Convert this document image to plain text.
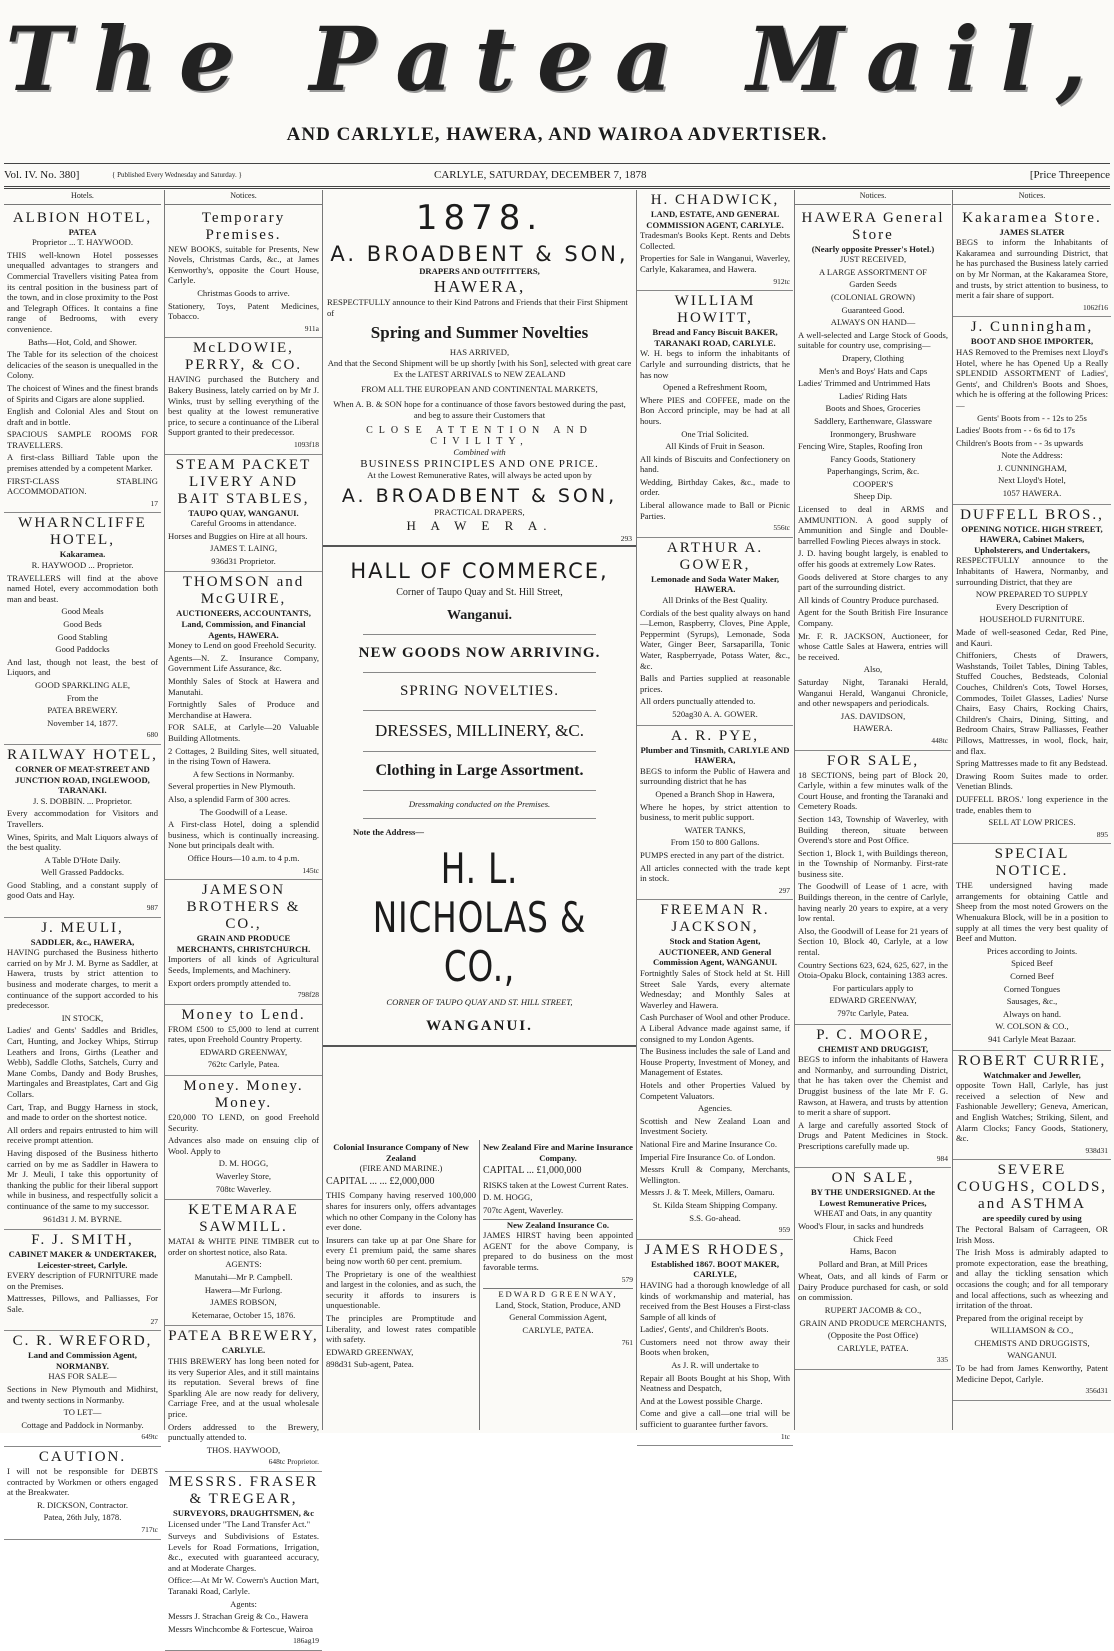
The Patea Mail,
AND CARLYLE, HAWERA, AND WAIROA ADVERTISER.
Vol. IV. No. 380]	{ Published Every Wednesday and Saturday. }	CARLYLE, SATURDAY, DECEMBER 7, 1878	[Price Threepence
Hotels.
ALBION HOTEL,
PATEA

Proprietor ... T. HAYWOOD.

THIS well-known Hotel possesses unequalled advantages to strangers and Commercial Travellers visiting Patea from its central position in the business part of the town, and in close proximity to the Post and Telegraph Offices. It contains a fine range of Bedrooms, with every convenience.

Baths—Hot, Cold, and Shower.

The Table for its selection of the choicest delicacies of the season is unequalled in the Colony.

The choicest of Wines and the finest brands of Spirits and Cigars are alone supplied.

English and Colonial Ales and Stout on draft and in bottle.

SPACIOUS SAMPLE ROOMS FOR TRAVELLERS.

A first-class Billiard Table upon the premises attended by a competent Marker.

FIRST-CLASS STABLING ACCOMMODATION.

17
WHARNCLIFFE HOTEL,
Kakaramea.

R. HAYWOOD ... Proprietor.

TRAVELLERS will find at the above named Hotel, every accommodation both man and beast.

Good Meals

Good Beds

Good Stabling

Good Paddocks

And last, though not least, the best of Liquors, and

GOOD SPARKLING ALE,

From the

PATEA BREWERY.

November 14, 1877.

680
RAILWAY HOTEL,
CORNER OF MEAT-STREET AND JUNCTION ROAD, INGLEWOOD, TARANAKI.

J. S. DOBBIN. ... Proprietor.

Every accommodation for Visitors and Travellers.

Wines, Spirits, and Malt Liquors always of the best quality.

A Table D'Hote Daily.

Well Grassed Paddocks.

Good Stabling, and a constant supply of good Oats and Hay.

987
J. MEULI,
SADDLER, &c., HAWERA,

HAVING purchased the Business hitherto carried on by Mr J. M. Byrne as Saddler, at Hawera, trusts by strict attention to business and moderate charges, to merit a continuance of the support accorded to his predecessor.

IN STOCK,

Ladies' and Gents' Saddles and Bridles, Cart, Hunting, and Jockey Whips, Stirrup Leathers and Irons, Girths (Leather and Webb), Saddle Cloths, Satchels, Curry and Mane Combs, Dandy and Body Brushes, Martingales and Breastplates, Cart and Gig Collars.

Cart, Trap, and Buggy Harness in stock, and made to order on the shortest notice.

All orders and repairs entrusted to him will receive prompt attention.

Having disposed of the Business hitherto carried on by me as Saddler in Hawera to Mr J. Meuli, I take this opportunity of thanking the public for their liberal support while in business, and respectfully solicit a continuance of the same to my successor.

961d31 J. M. BYRNE.

F. J. SMITH,
CABINET MAKER & UNDERTAKER, Leicester-street, Carlyle.

EVERY description of FURNITURE made on the Premises.

Mattresses, Pillows, and Palliasses, For Sale.

27
C. R. WREFORD,
Land and Commission Agent, NORMANBY.

HAS FOR SALE—

Sections in New Plymouth and Midhirst, and twenty sections in Normanby.

TO LET—

Cottage and Paddock in Normanby.

649tc
CAUTION.

I will not be responsible for DEBTS contracted by Workmen or others engaged at the Breakwater.

R. DICKSON, Contractor.

Patea, 26th July, 1878.

717tc
Notices.
Temporary Premises.

NEW BOOKS, suitable for Presents, New Novels, Christmas Cards, &c., at James Kenworthy's, opposite the Court House, Carlyle.

Christmas Goods to arrive.

Stationery, Toys, Patent Medicines, Tobacco.

911a
McLDOWIE, PERRY, & CO.

HAVING purchased the Butchery and Bakery Business, lately carried on by Mr J. Winks, trust by selling everything of the best quality at the lowest remunerative price, to secure a continuance of the Liberal Support granted to their predecessor.

1093f18
STEAM PACKET LIVERY AND BAIT STABLES,
TAUPO QUAY, WANGANUI.

Careful Grooms in attendance.

Horses and Buggies on Hire at all hours.

JAMES T. LAING,

936d31 Proprietor.

THOMSON and McGUIRE,
AUCTIONEERS, ACCOUNTANTS, Land, Commission, and Financial Agents, HAWERA.

Money to Lend on good Freehold Security.

Agents—N. Z. Insurance Company, Government Life Assurance, &c.

Monthly Sales of Stock at Hawera and Manutahi.

Fortnightly Sales of Produce and Merchandise at Hawera.

FOR SALE, at Carlyle—20 Valuable Building Allotments.

2 Cottages, 2 Building Sites, well situated, in the rising Town of Hawera.

A few Sections in Normanby.

Several properties in New Plymouth.

Also, a splendid Farm of 300 acres.

The Goodwill of a Lease.

A First-class Hotel, doing a splendid business, which is continually increasing. None but principals dealt with.

Office Hours—10 a.m. to 4 p.m.

145tc
JAMESON BROTHERS & CO.,
GRAIN AND PRODUCE MERCHANTS, CHRISTCHURCH.

Importers of all kinds of Agricultural Seeds, Implements, and Machinery.

Export orders promptly attended to.

798f28
Money to Lend.

FROM £500 to £5,000 to lend at current rates, upon Freehold Country Property.

EDWARD GREENWAY,

762tc Carlyle, Patea.

Money. Money. Money.

£20,000 TO LEND, on good Freehold Security.

Advances also made on ensuing clip of Wool. Apply to

D. M. HOGG,

Waverley Store,

708tc Waverley.

KETEMARAE SAWMILL.

MATAI & WHITE PINE TIMBER cut to order on shortest notice, also Rata.

AGENTS:

Manutahi—Mr P. Campbell.

Hawera—Mr Furlong.

JAMES ROBSON,

Ketemarae, October 15, 1876.

PATEA BREWERY,
CARLYLE.

THIS BREWERY has long been noted for its very Superior Ales, and it still maintains its reputation. Several brews of fine Sparkling Ale are now ready for delivery, Carriage Free, and at the usual wholesale price.

Orders addressed to the Brewery, punctually attended to.

THOS. HAYWOOD,

648tc Proprietor.
MESSRS. FRASER & TREGEAR,
SURVEYORS, DRAUGHTSMEN, &c

Licensed under "The Land Transfer Act."

Surveys and Subdivisions of Estates. Levels for Road Formations, Irrigation, &c., executed with guaranteed accuracy, and at Moderate Charges.

Office:—At Mr W. Cowern's Auction Mart, Taranaki Road, Carlyle.

Agents:

Messrs J. Strachan Greig & Co., Hawera

Messrs Winchcombe & Fortescue, Wairoa

186ag19
1878.
A. BROADBENT & SON,
DRAPERS AND OUTFITTERS,
HAWERA,
RESPECTFULLY announce to their Kind Patrons and Friends that their First Shipment of
Spring and Summer Novelties
HAS ARRIVED,
And that the Second Shipment will be up shortly [with his Son], selected with great care Ex the LATEST ARRIVALS to NEW ZEALAND
FROM ALL THE EUROPEAN AND CONTINENTAL MARKETS,
When A. B. & SON hope for a continuance of those favors bestowed during the past, and beg to assure their Customers that
CLOSE ATTENTION AND CIVILITY,
Combined with
BUSINESS PRINCIPLES AND ONE PRICE.
At the Lowest Remunerative Rates, will always be acted upon by
A. BROADBENT & SON,
PRACTICAL DRAPERS,
H A W E R A.
293
HALL OF COMMERCE,
Corner of Taupo Quay and St. Hill Street,
Wanganui.
NEW GOODS NOW ARRIVING.
SPRING NOVELTIES.
DRESSES, MILLINERY, &C.
Clothing in Large Assortment.
Dressmaking conducted on the Premises.
Note the Address—
H. L. NICHOLAS & CO.,
CORNER OF TAUPO QUAY AND ST. HILL STREET,
WANGANUI.
Colonial Insurance Company of New Zealand
(FIRE AND MARINE.)
CAPITAL ... ... £2,000,000

THIS Company having reserved 100,000 shares for insurers only, offers advantages which no other Company in the Colony has ever done.

Insurers can take up at par One Share for every £1 premium paid, the same shares being now worth 60 per cent. premium.

The Proprietary is one of the wealthiest and largest in the colonies, and as such, the security it affords to insurers is unquestionable.

The principles are Promptitude and Liberality, and lowest rates compatible with safety.

EDWARD GREENWAY,

898d31 Sub-agent, Patea.

New Zealand Fire and Marine Insurance Company.
CAPITAL ... £1,000,000

RISKS taken at the Lowest Current Rates.

D. M. HOGG,

707tc Agent, Waverley.

New Zealand Insurance Co.

JAMES HIRST having been appointed AGENT for the above Company, is prepared to do business on the most favorable terms.

579
EDWARD GREENWAY,

Land, Stock, Station, Produce, AND

General Commission Agent,

CARLYLE, PATEA.

761
H. CHADWICK,
LAND, ESTATE, AND GENERAL COMMISSION AGENT, CARLYLE.

Tradesman's Books Kept. Rents and Debts Collected.

Properties for Sale in Wanganui, Waverley, Carlyle, Kakaramea, and Hawera.

912tc
WILLIAM HOWITT,
Bread and Fancy Biscuit BAKER, TARANAKI ROAD, CARLYLE.

W. H. begs to inform the inhabitants of Carlyle and surrounding districts, that he has now

Opened a Refreshment Room,

Where PIES and COFFEE, made on the Bon Accord principle, may be had at all hours.

One Trial Solicited.

All Kinds of Fruit in Season.

All kinds of Biscuits and Confectionery on hand.

Wedding, Birthday Cakes, &c., made to order.

Liberal allowance made to Ball or Picnic Parties.

556tc
ARTHUR A. GOWER,
Lemonade and Soda Water Maker, HAWERA.

All Drinks of the Best Quality.

Cordials of the best quality always on hand—Lemon, Raspberry, Cloves, Pine Apple, Peppermint (Syrups), Lemonade, Soda Water, Ginger Beer, Sarsaparilla, Tonic Water, Raspberryade, Potass Water, &c., &c.

Balls and Parties supplied at reasonable prices.

All orders punctually attended to.

520ag30 A. A. GOWER.

A. R. PYE,
Plumber and Tinsmith, CARLYLE AND HAWERA,

BEGS to inform the Public of Hawera and surrounding district that he has

Opened a Branch Shop in Hawera,

Where he hopes, by strict attention to business, to merit public support.

WATER TANKS,

From 150 to 800 Gallons.

PUMPS erected in any part of the district.

All articles connected with the trade kept in stock.

297
FREEMAN R. JACKSON,
Stock and Station Agent, AUCTIONEER, AND General Commission Agent, WANGANUI.

Fortnightly Sales of Stock held at St. Hill Street Sale Yards, every alternate Wednesday; and Monthly Sales at Waverley and Hawera.

Cash Purchaser of Wool and other Produce. A Liberal Advance made against same, if consigned to my London Agents.

The Business includes the sale of Land and House Property, Investment of Money, and Management of Estates.

Hotels and other Properties Valued by Competent Valuators.

Agencies.

Scottish and New Zealand Loan and Investment Society.

National Fire and Marine Insurance Co.

Imperial Fire Insurance Co. of London.

Messrs Krull & Company, Merchants, Wellington.

Messrs J. & T. Meek, Millers, Oamaru.

St. Kilda Steam Shipping Company.

S.S. Go-ahead.

959
JAMES RHODES,
Established 1867. BOOT MAKER, CARLYLE,

HAVING had a thorough knowledge of all kinds of workmanship and material, has received from the Best Houses a First-class Sample of all kinds of

Ladies', Gents', and Children's Boots.

Customers need not throw away their Boots when broken,

As J. R. will undertake to

Repair all Boots Bought at his Shop, With Neatness and Despatch,

And at the Lowest possible Charge.

Come and give a call—one trial will be sufficient to guarantee further favors.

1tc
Notices.
HAWERA General Store
(Nearly opposite Presser's Hotel.)

JUST RECEIVED,

A LARGE ASSORTMENT OF

Garden Seeds

(COLONIAL GROWN)

Guaranteed Good.

ALWAYS ON HAND—

A well-selected and Large Stock of Goods, suitable for country use, comprising—

Drapery, Clothing

Men's and Boys' Hats and Caps

Ladies' Trimmed and Untrimmed Hats

Ladies' Riding Hats

Boots and Shoes, Groceries

Saddlery, Earthenware, Glassware

Ironmongery, Brushware

Fencing Wire, Staples, Roofing Iron

Fancy Goods, Stationery

Paperhangings, Scrim, &c.

COOPER'S

Sheep Dip.

Licensed to deal in ARMS and AMMUNITION. A good supply of Ammunition and Single and Double-barrelled Fowling Pieces always in stock.

J. D. having bought largely, is enabled to offer his goods at extremely Low Rates.

Goods delivered at Store charges to any part of the surrounding district.

All kinds of Country Produce purchased.

Agent for the South British Fire Insurance Company.

Mr. F. R. JACKSON, Auctioneer, for whose Cattle Sales at Hawera, entries will be received.

Also,

Saturday Night, Taranaki Herald, Wanganui Herald, Wanganui Chronicle, and other newspapers and periodicals.

JAS. DAVIDSON,

HAWERA.

448tc
FOR SALE,

18 SECTIONS, being part of Block 20, Carlyle, within a few minutes walk of the Court House, and fronting the Taranaki and Cemetery Roads.

Section 143, Township of Waverley, with Building thereon, situate between Overend's store and Post Office.

Section 1, Block 1, with Buildings thereon, in the Township of Normanby. First-rate business site.

The Goodwill of Lease of 1 acre, with Buildings thereon, in the centre of Carlyle, having nearly 20 years to expire, at a very low rental.

Also, the Goodwill of Lease for 21 years of Section 10, Block 40, Carlyle, at a low rental.

Country Sections 623, 624, 625, 627, in the Otoia-Opaku Block, containing 1383 acres.

For particulars apply to

EDWARD GREENWAY,

797tc Carlyle, Patea.

P. C. MOORE,
CHEMIST AND DRUGGIST,

BEGS to inform the inhabitants of Hawera and Normanby, and surrounding District, that he has taken over the Chemist and Druggist business of the late Mr F. G. Rawson, at Hawera, and trusts by attention to merit a share of support.

A large and carefully assorted Stock of Drugs and Patent Medicines in Stock. Prescriptions carefully made up.

984
ON SALE,
BY THE UNDERSIGNED. At the Lowest Remunerative Prices,

WHEAT and Oats, in any quantity

Wood's Flour, in sacks and hundreds

Chick Feed

Hams, Bacon

Pollard and Bran, at Mill Prices

Wheat, Oats, and all kinds of Farm or Dairy Produce purchased for cash, or sold on commission.

RUPERT JACOMB & CO.,

GRAIN AND PRODUCE MERCHANTS,

(Opposite the Post Office)

CARLYLE, PATEA.

335
Notices.
Kakaramea Store.
JAMES SLATER

BEGS to inform the Inhabitants of Kakaramea and surrounding District, that he has purchased the Business lately carried on by Mr Norman, at the Kakaramea Store, and trusts, by strict attention to business, to merit a fair share of support.

1062f16
J. Cunningham,
BOOT AND SHOE IMPORTER,

HAS Removed to the Premises next Lloyd's Hotel, where he has Opened Up a Really SPLENDID ASSORTMENT of Ladies', Gents', and Children's Boots and Shoes, which he is offering at the following Prices:—

Gents' Boots from - - 12s to 25s

Ladies' Boots from - - 6s 6d to 17s

Children's Boots from - - 3s upwards

Note the Address:

J. CUNNINGHAM,

Next Lloyd's Hotel,

1057 HAWERA.

DUFFELL BROS.,
OPENING NOTICE. HIGH STREET, HAWERA, Cabinet Makers, Upholsterers, and Undertakers,

RESPECTFULLY announce to the Inhabitants of Hawera, Normanby, and surrounding District, that they are

NOW PREPARED TO SUPPLY

Every Description of

HOUSEHOLD FURNITURE.

Made of well-seasoned Cedar, Red Pine, and Kauri.

Chiffoniers, Chests of Drawers, Washstands, Toilet Tables, Dining Tables, Stuffed Couches, Bedsteads, Colonial Couches, Children's Cots, Towel Horses, Commodes, Toilet Glasses, Ladies' Nurse Chairs, Easy Chairs, Rocking Chairs, Children's Chairs, Dining, Sitting, and Bedroom Chairs, Straw Palliasses, Feather Pillows, Mattresses, in wool, flock, hair, and flax.

Spring Mattresses made to fit any Bedstead.

Drawing Room Suites made to order. Venetian Blinds.

DUFFELL BROS.' long experience in the trade, enables them to

SELL AT LOW PRICES.

895
SPECIAL NOTICE.

THE undersigned having made arrangements for obtaining Cattle and Sheep from the most noted Growers on the Whenuakura Block, will be in a position to supply at all times the very best quality of Beef and Mutton.

Prices according to Joints.

Spiced Beef

Corned Beef

Corned Tongues

Sausages, &c.,

Always on hand.

W. COLSON & CO.,

941 Carlyle Meat Bazaar.

ROBERT CURRIE,
Watchmaker and Jeweller,

opposite Town Hall, Carlyle, has just received a selection of New and Fashionable Jewellery; Geneva, American, and English Watches; Striking, Silent, and Alarm Clocks; Fancy Goods, Stationery, &c.

938d31
SEVERE COUGHS, COLDS, and ASTHMA
are speedily cured by using

The Pectoral Balsam of Carrageen, OR Irish Moss.

The Irish Moss is admirably adapted to promote expectoration, ease the breathing, and allay the tickling sensation which occasions the cough; and for all temporary and local affections, such as wheezing and irritation of the throat.

Prepared from the original receipt by

WILLIAMSON & CO.,

CHEMISTS AND DRUGGISTS,

WANGANUI.

To be had from James Kenworthy, Patent Medicine Depot, Carlyle.

356d31
